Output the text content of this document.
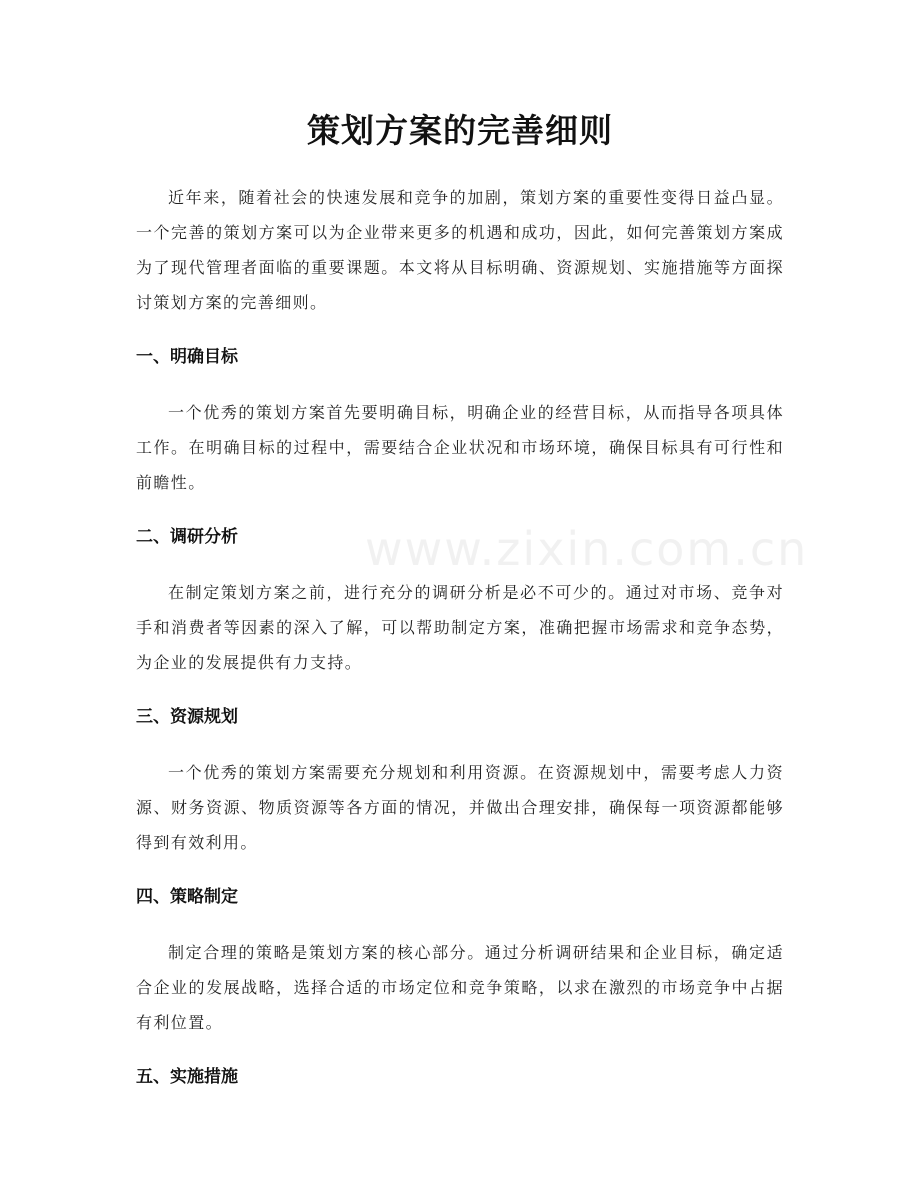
策划方案的完善细则

近年来，随着社会的快速发展和竞争的加剧，策划方案的重要性变得日益凸显。一个完善的策划方案可以为企业带来更多的机遇和成功，因此，如何完善策划方案成为了现代管理者面临的重要课题。本文将从目标明确、资源规划、实施措施等方面探讨策划方案的完善细则。

一、明确目标

一个优秀的策划方案首先要明确目标，明确企业的经营目标，从而指导各项具体工作。在明确目标的过程中，需要结合企业状况和市场环境，确保目标具有可行性和前瞻性。

二、调研分析

在制定策划方案之前，进行充分的调研分析是必不可少的。通过对市场、竞争对手和消费者等因素的深入了解，可以帮助制定方案，准确把握市场需求和竞争态势，为企业的发展提供有力支持。

三、资源规划

一个优秀的策划方案需要充分规划和利用资源。在资源规划中，需要考虑人力资源、财务资源、物质资源等各方面的情况，并做出合理安排，确保每一项资源都能够得到有效利用。

四、策略制定

制定合理的策略是策划方案的核心部分。通过分析调研结果和企业目标，确定适合企业的发展战略，选择合适的市场定位和竞争策略，以求在激烈的市场竞争中占据有利位置。

五、实施措施
www.zixin.com.cn
